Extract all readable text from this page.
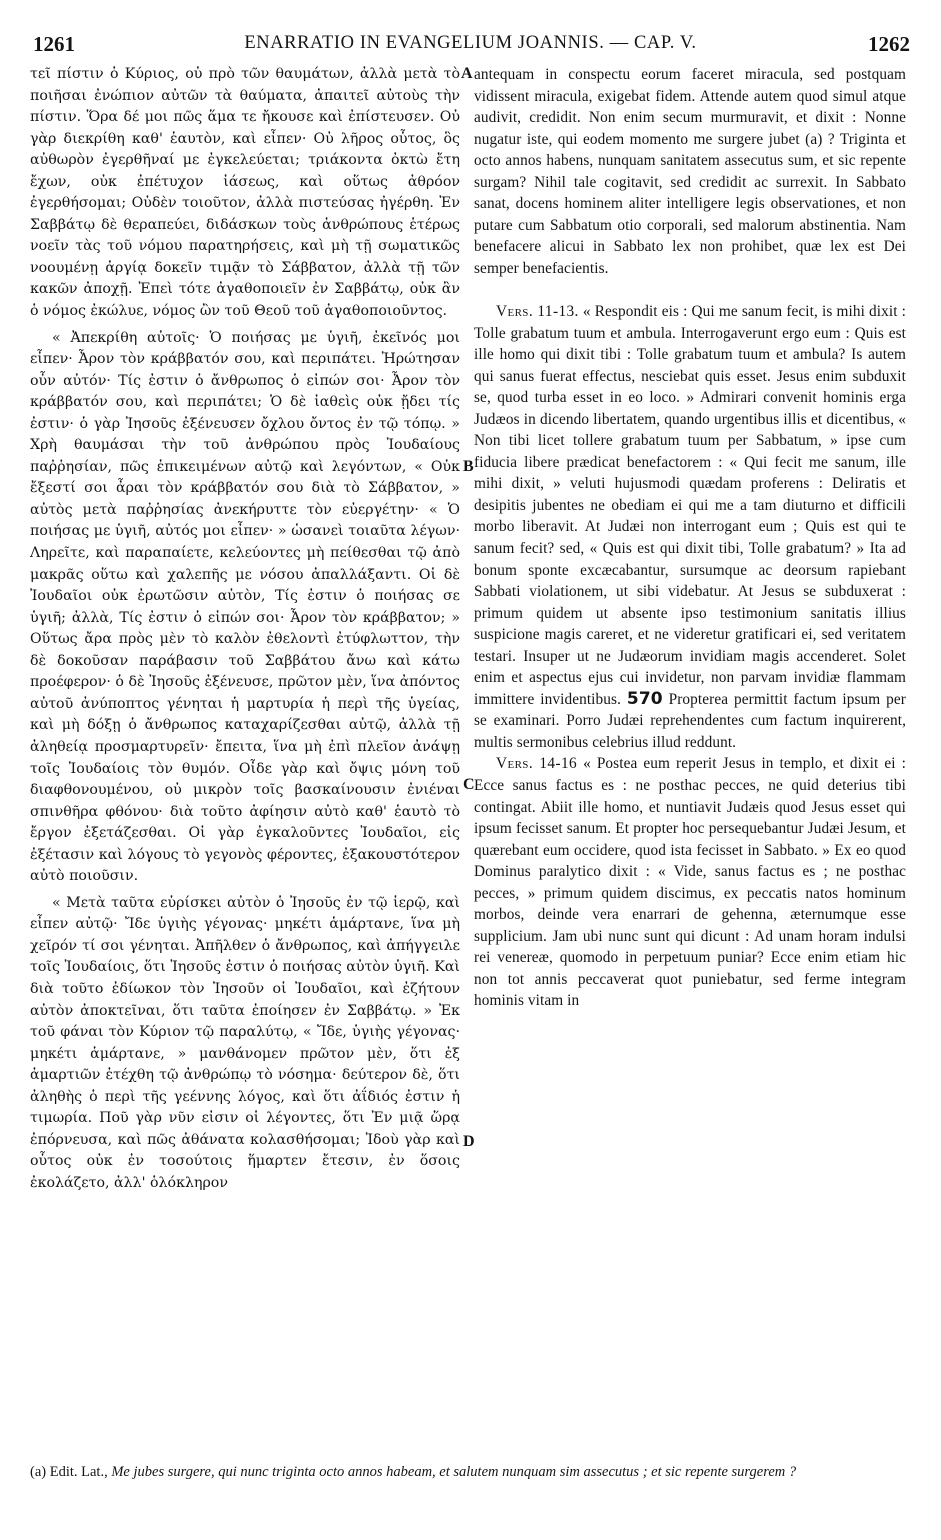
1261	ENARRATIO IN EVANGELIUM JOANNIS. — CAP. V.	1262

τεῖ πίστιν ὁ Κύριος, οὐ πρὸ τῶν θαυμάτων, ἀλλὰ μετὰ τὸ ποιῆσαι ἐνώπιον αὐτῶν τὰ θαύματα, ἀπαιτεῖ αὐτοὺς τὴν πίστιν. Ὅρα δέ μοι πῶς ἅμα τε ἤκουσε καὶ ἐπίστευσεν. Οὐ γὰρ διεκρίθη καθ' ἑαυτὸν, καὶ εἶπεν· Οὐ λῆρος οὗτος, ὃς αὐθωρὸν ἐγερθῆναί με ἐγκελεύεται; τριάκοντα ὀκτὼ ἔτη ἔχων, οὐκ ἐπέτυχον ἰάσεως, καὶ οὕτως ἀθρόον ἐγερθήσομαι; Οὐδὲν τοιοῦτον, ἀλλὰ πιστεύσας ἠγέρθη. Ἐν Σαββάτῳ δὲ θεραπεύει, διδάσκων τοὺς ἀνθρώπους ἑτέρως νοεῖν τὰς τοῦ νόμου παρατηρήσεις, καὶ μὴ τῇ σωματικῶς νοουμένῃ ἀργίᾳ δοκεῖν τιμᾷν τὸ Σάββατον, ἀλλὰ τῇ τῶν κακῶν ἀποχῇ. Ἐπεὶ τότε ἀγαθοποιεῖν ἐν Σαββάτῳ, οὐκ ἂν ὁ νόμος ἐκώλυε, νόμος ὢν τοῦ Θεοῦ τοῦ ἀγαθοποιοῦντος.

« Ἀπεκρίθη αὐτοῖς· Ὁ ποιήσας με ὑγιῆ, ἐκεῖνός μοι εἶπεν· Ἆρον τὸν κράββατόν σου, καὶ περιπάτει. Ἠρώτησαν οὖν αὐτόν· Τίς ἐστιν ὁ ἄνθρωπος ὁ εἰπών σοι· Ἆρον τὸν κράββατόν σου, καὶ περιπάτει; Ὁ δὲ ἰαθεὶς οὐκ ᾔδει τίς ἐστιν· ὁ γὰρ Ἰησοῦς ἐξένευσεν ὄχλου ὄντος ἐν τῷ τόπῳ. » Χρὴ θαυμάσαι τὴν τοῦ ἀνθρώπου πρὸς Ἰουδαίους παῤῥησίαν, πῶς ἐπικειμένων αὐτῷ καὶ λεγόντων, « Οὐκ ἔξεστί σοι ἆραι τὸν κράββατόν σου διὰ τὸ Σάββατον, » αὐτὸς μετὰ παῤῥησίας ἀνεκήρυττε τὸν εὐεργέτην· « Ὁ ποιήσας με ὑγιῆ, αὐτός μοι εἶπεν· » ὡσανεὶ τοιαῦτα λέγων· Ληρεῖτε, καὶ παραπαίετε, κελεύοντες μὴ πείθεσθαι τῷ ἀπὸ μακρᾶς οὕτω καὶ χαλεπῆς με νόσου ἀπαλλάξαντι. Οἱ δὲ Ἰουδαῖοι οὐκ ἐρωτῶσιν αὐτὸν, Τίς ἐστιν ὁ ποιήσας σε ὑγιῆ; ἀλλὰ, Τίς ἐστιν ὁ εἰπών σοι· Ἆρον τὸν κράββατον; » Οὕτως ἄρα πρὸς μὲν τὸ καλὸν ἐθελοντὶ ἐτύφλωττον, τὴν δὲ δοκοῦσαν παράβασιν τοῦ Σαββάτου ἄνω καὶ κάτω προέφερον· ὁ δὲ Ἰησοῦς ἐξένευσε, πρῶτον μὲν, ἵνα ἀπόντος αὐτοῦ ἀνύποπτος γένηται ἡ μαρτυρία ἡ περὶ τῆς ὑγείας, καὶ μὴ δόξῃ ὁ ἄνθρωπος καταχαρίζεσθαι αὐτῷ, ἀλλὰ τῇ ἀληθείᾳ προσμαρτυρεῖν· ἔπειτα, ἵνα μὴ ἐπὶ πλεῖον ἀνάψῃ τοῖς Ἰουδαίοις τὸν θυμόν. Οἶδε γὰρ καὶ ὄψις μόνη τοῦ διαφθονουμένου, οὐ μικρὸν τοῖς βασκαίνουσιν ἐνιέναι σπινθῆρα φθόνου· διὰ τοῦτο ἀφίησιν αὐτὸ καθ' ἑαυτὸ τὸ ἔργον ἐξετάζεσθαι. Οἱ γὰρ ἐγκαλοῦντες Ἰουδαῖοι, εἰς ἐξέτασιν καὶ λόγους τὸ γεγονὸς φέροντες, ἐξακουστότερον αὐτὸ ποιοῦσιν.

« Μετὰ ταῦτα εὑρίσκει αὐτὸν ὁ Ἰησοῦς ἐν τῷ ἱερῷ, καὶ εἶπεν αὐτῷ· Ἴδε ὑγιὴς γέγονας· μηκέτι ἁμάρτανε, ἵνα μὴ χεῖρόν τί σοι γένηται. Ἀπῆλθεν ὁ ἄνθρωπος, καὶ ἀπήγγειλε τοῖς Ἰουδαίοις, ὅτι Ἰησοῦς ἐστιν ὁ ποιήσας αὐτὸν ὑγιῆ. Καὶ διὰ τοῦτο ἐδίωκον τὸν Ἰησοῦν οἱ Ἰουδαῖοι, καὶ ἐζήτουν αὐτὸν ἀποκτεῖναι, ὅτι ταῦτα ἐποίησεν ἐν Σαββάτῳ. » Ἐκ τοῦ φάναι τὸν Κύριον τῷ παραλύτῳ, « Ἴδε, ὑγιὴς γέγονας· μηκέτι ἁμάρτανε, » μανθάνομεν πρῶτον μὲν, ὅτι ἐξ ἁμαρτιῶν ἐτέχθη τῷ ἀνθρώπῳ τὸ νόσημα· δεύτερον δὲ, ὅτι ἀληθὴς ὁ περὶ τῆς γεέννης λόγος, καὶ ὅτι ἀΐδιός ἐστιν ἡ τιμωρία. Ποῦ γὰρ νῦν εἰσιν οἱ λέγοντες, ὅτι Ἐν μιᾷ ὥρᾳ ἐπόρνευσα, καὶ πῶς ἀθάνατα κολασθήσομαι; Ἰδοὺ γὰρ καὶ οὗτος οὐκ ἐν τοσούτοις ἥμαρτεν ἔτεσιν, ἐν ὅσοις ἐκολάζετο, ἀλλ' ὁλόκληρον

A
B
C
D

antequam in conspectu eorum faceret miracula, sed postquam vidissent miracula, exigebat fidem. Attende autem quod simul atque audivit, credidit. Non enim secum murmuravit, et dixit : Nonne nugatur iste, qui eodem momento me surgere jubet (a) ? Triginta et octo annos habens, nunquam sanitatem assecutus sum, et sic repente surgam? Nihil tale cogitavit, sed credidit ac surrexit. In Sabbato sanat, docens hominem aliter intelligere legis observationes, et non putare cum Sabbatum otio corporali, sed malorum abstinentia. Nam benefacere alicui in Sabbato lex non prohibet, quæ lex est Dei semper benefacientis.

Vers. 11-13. « Respondit eis : Qui me sanum fecit, is mihi dixit : Tolle grabatum tuum et ambula. Interrogaverunt ergo eum : Quis est ille homo qui dixit tibi : Tolle grabatum tuum et ambula? Is autem qui sanus fuerat effectus, nesciebat quis esset. Jesus enim subduxit se, quod turba esset in eo loco. » Admirari convenit hominis erga Judæos in dicendo libertatem, quando urgentibus illis et dicentibus, « Non tibi licet tollere grabatum tuum per Sabbatum, » ipse cum fiducia libere prædicat benefactorem : « Qui fecit me sanum, ille mihi dixit, » veluti hujusmodi quædam proferens : Deliratis et desipitis jubentes ne obediam ei qui me a tam diuturno et difficili morbo liberavit. At Judæi non interrogant eum ; Quis est qui te sanum fecit? sed, « Quis est qui dixit tibi, Tolle grabatum? » Ita ad bonum sponte excæcabantur, sursumque ac deorsum rapiebant Sabbati violationem, ut sibi videbatur. At Jesus se subduxerat : primum quidem ut absente ipso testimonium sanitatis illius suspicione magis careret, et ne videretur gratificari ei, sed veritatem testari. Insuper ut ne Judæorum invidiam magis accenderet. Solet enim et aspectus ejus cui invidetur, non parvam invidiæ flammam immittere invidentibus. 570 Propterea permittit factum ipsum per se examinari. Porro Judæi reprehendentes cum factum inquirerent, multis sermonibus celebrius illud reddunt.

Vers. 14-16 « Postea eum reperit Jesus in templo, et dixit ei : Ecce sanus factus es : ne posthac pecces, ne quid deterius tibi contingat. Abiit ille homo, et nuntiavit Judæis quod Jesus esset qui ipsum fecisset sanum. Et propter hoc persequebantur Judæi Jesum, et quærebant eum occidere, quod ista fecisset in Sabbato. » Ex eo quod Dominus paralytico dixit : « Vide, sanus factus es ; ne posthac pecces, » primum quidem discimus, ex peccatis natos hominum morbos, deinde vera enarrari de gehenna, æternumque esse supplicium. Jam ubi nunc sunt qui dicunt : Ad unam horam indulsi rei venereæ, quomodo in perpetuum puniar? Ecce enim etiam hic non tot annis peccaverat quot puniebatur, sed ferme integram hominis vitam in

(a) Edit. Lat., Me jubes surgere, qui nunc triginta octo annos habeam, et salutem nunquam sim assecutus ; et sic repente surgerem ?
